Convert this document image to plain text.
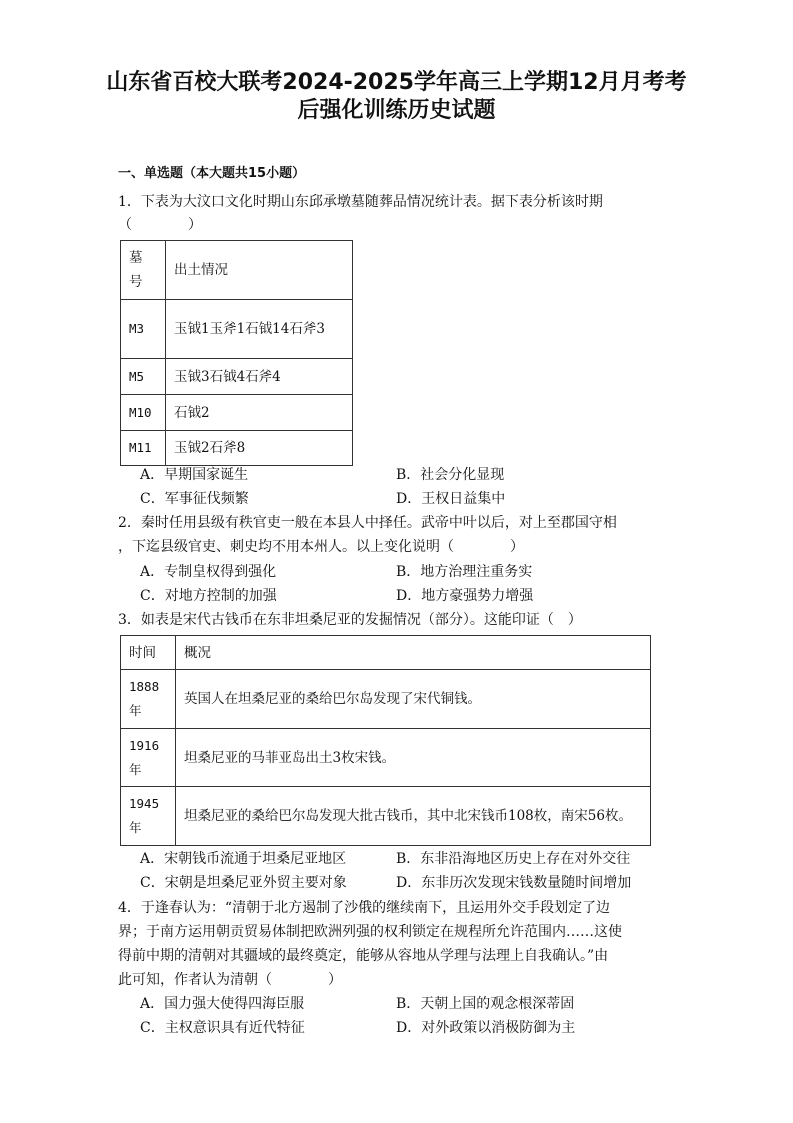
山东省百校大联考2024-2025学年高三上学期12月月考考
后强化训练历史试题
一、单选题（本大题共15小题）
1．下表为大汶口文化时期山东邱承墩墓随葬品情况统计表。据下表分析该时期
（　　　　）
墓号	出土情况
M3	玉钺1玉斧1石钺14石斧3
M5	玉钺3石钺4石斧4
M10	石钺2
M11	玉钺2石斧8
A．早期国家诞生	B．社会分化显现
C．军事征伐频繁	D．王权日益集中
2．秦时任用县级有秩官吏一般在本县人中择任。武帝中叶以后，对上至郡国守相
，下迄县级官吏、刺史均不用本州人。以上变化说明（　　　　）
A．专制皇权得到强化	B．地方治理注重务实
C．对地方控制的加强	D．地方豪强势力增强
3．如表是宋代古钱币在东非坦桑尼亚的发掘情况（部分）。这能印证（　）
时间	概况
1888年	英国人在坦桑尼亚的桑给巴尔岛发现了宋代铜钱。
1916年	坦桑尼亚的马菲亚岛出土3枚宋钱。
1945年	坦桑尼亚的桑给巴尔岛发现大批古钱币，其中北宋钱币108枚，南宋56枚。
A．宋朝钱币流通于坦桑尼亚地区	B．东非沿海地区历史上存在对外交往
C．宋朝是坦桑尼亚外贸主要对象	D．东非历次发现宋钱数量随时间增加
4．于逢春认为：“清朝于北方遏制了沙俄的继续南下，且运用外交手段划定了边
界；于南方运用朝贡贸易体制把欧洲列强的权利锁定在规程所允许范围内……这使
得前中期的清朝对其疆域的最终奠定，能够从容地从学理与法理上自我确认。”由
此可知，作者认为清朝（　　　　）
A．国力强大使得四海臣服	B．天朝上国的观念根深蒂固
C．主权意识具有近代特征	D．对外政策以消极防御为主
